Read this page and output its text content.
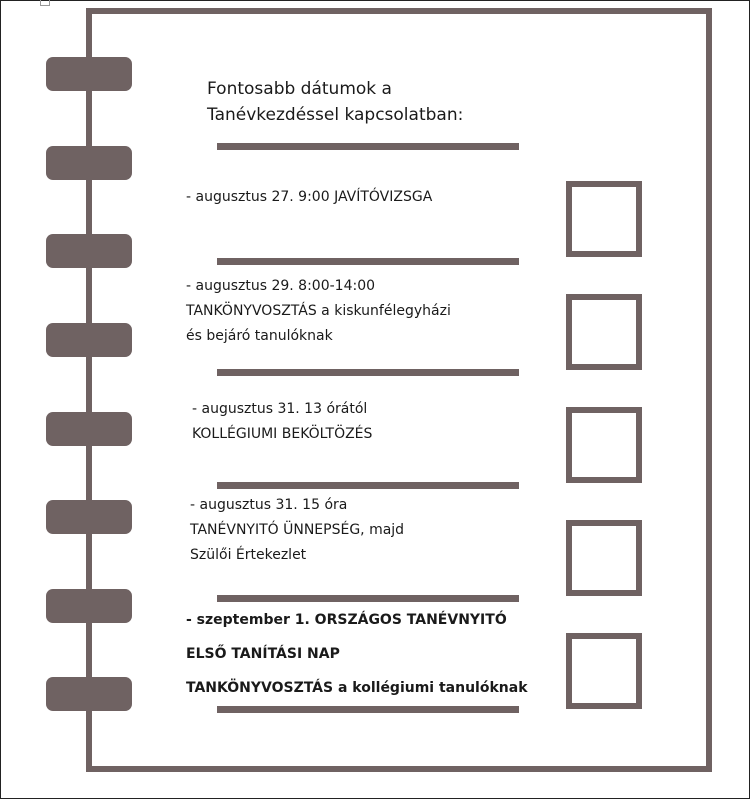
Fontosabb dátumok a
Tanévkezdéssel kapcsolatban:
- augusztus 27. 9:00 JAVÍTÓVIZSGA
- augusztus 29. 8:00-14:00
TANKÖNYVOSZTÁS a kiskunfélegyházi
és bejáró tanulóknak
- augusztus 31. 13 órától
KOLLÉGIUMI BEKÖLTÖZÉS
- augusztus 31. 15 óra
TANÉVNYITÓ ÜNNEPSÉG, majd
Szülői Értekezlet
- szeptember 1. ORSZÁGOS TANÉVNYITÓ
ELSŐ TANÍTÁSI NAP
TANKÖNYVOSZTÁS a kollégiumi tanulóknak
